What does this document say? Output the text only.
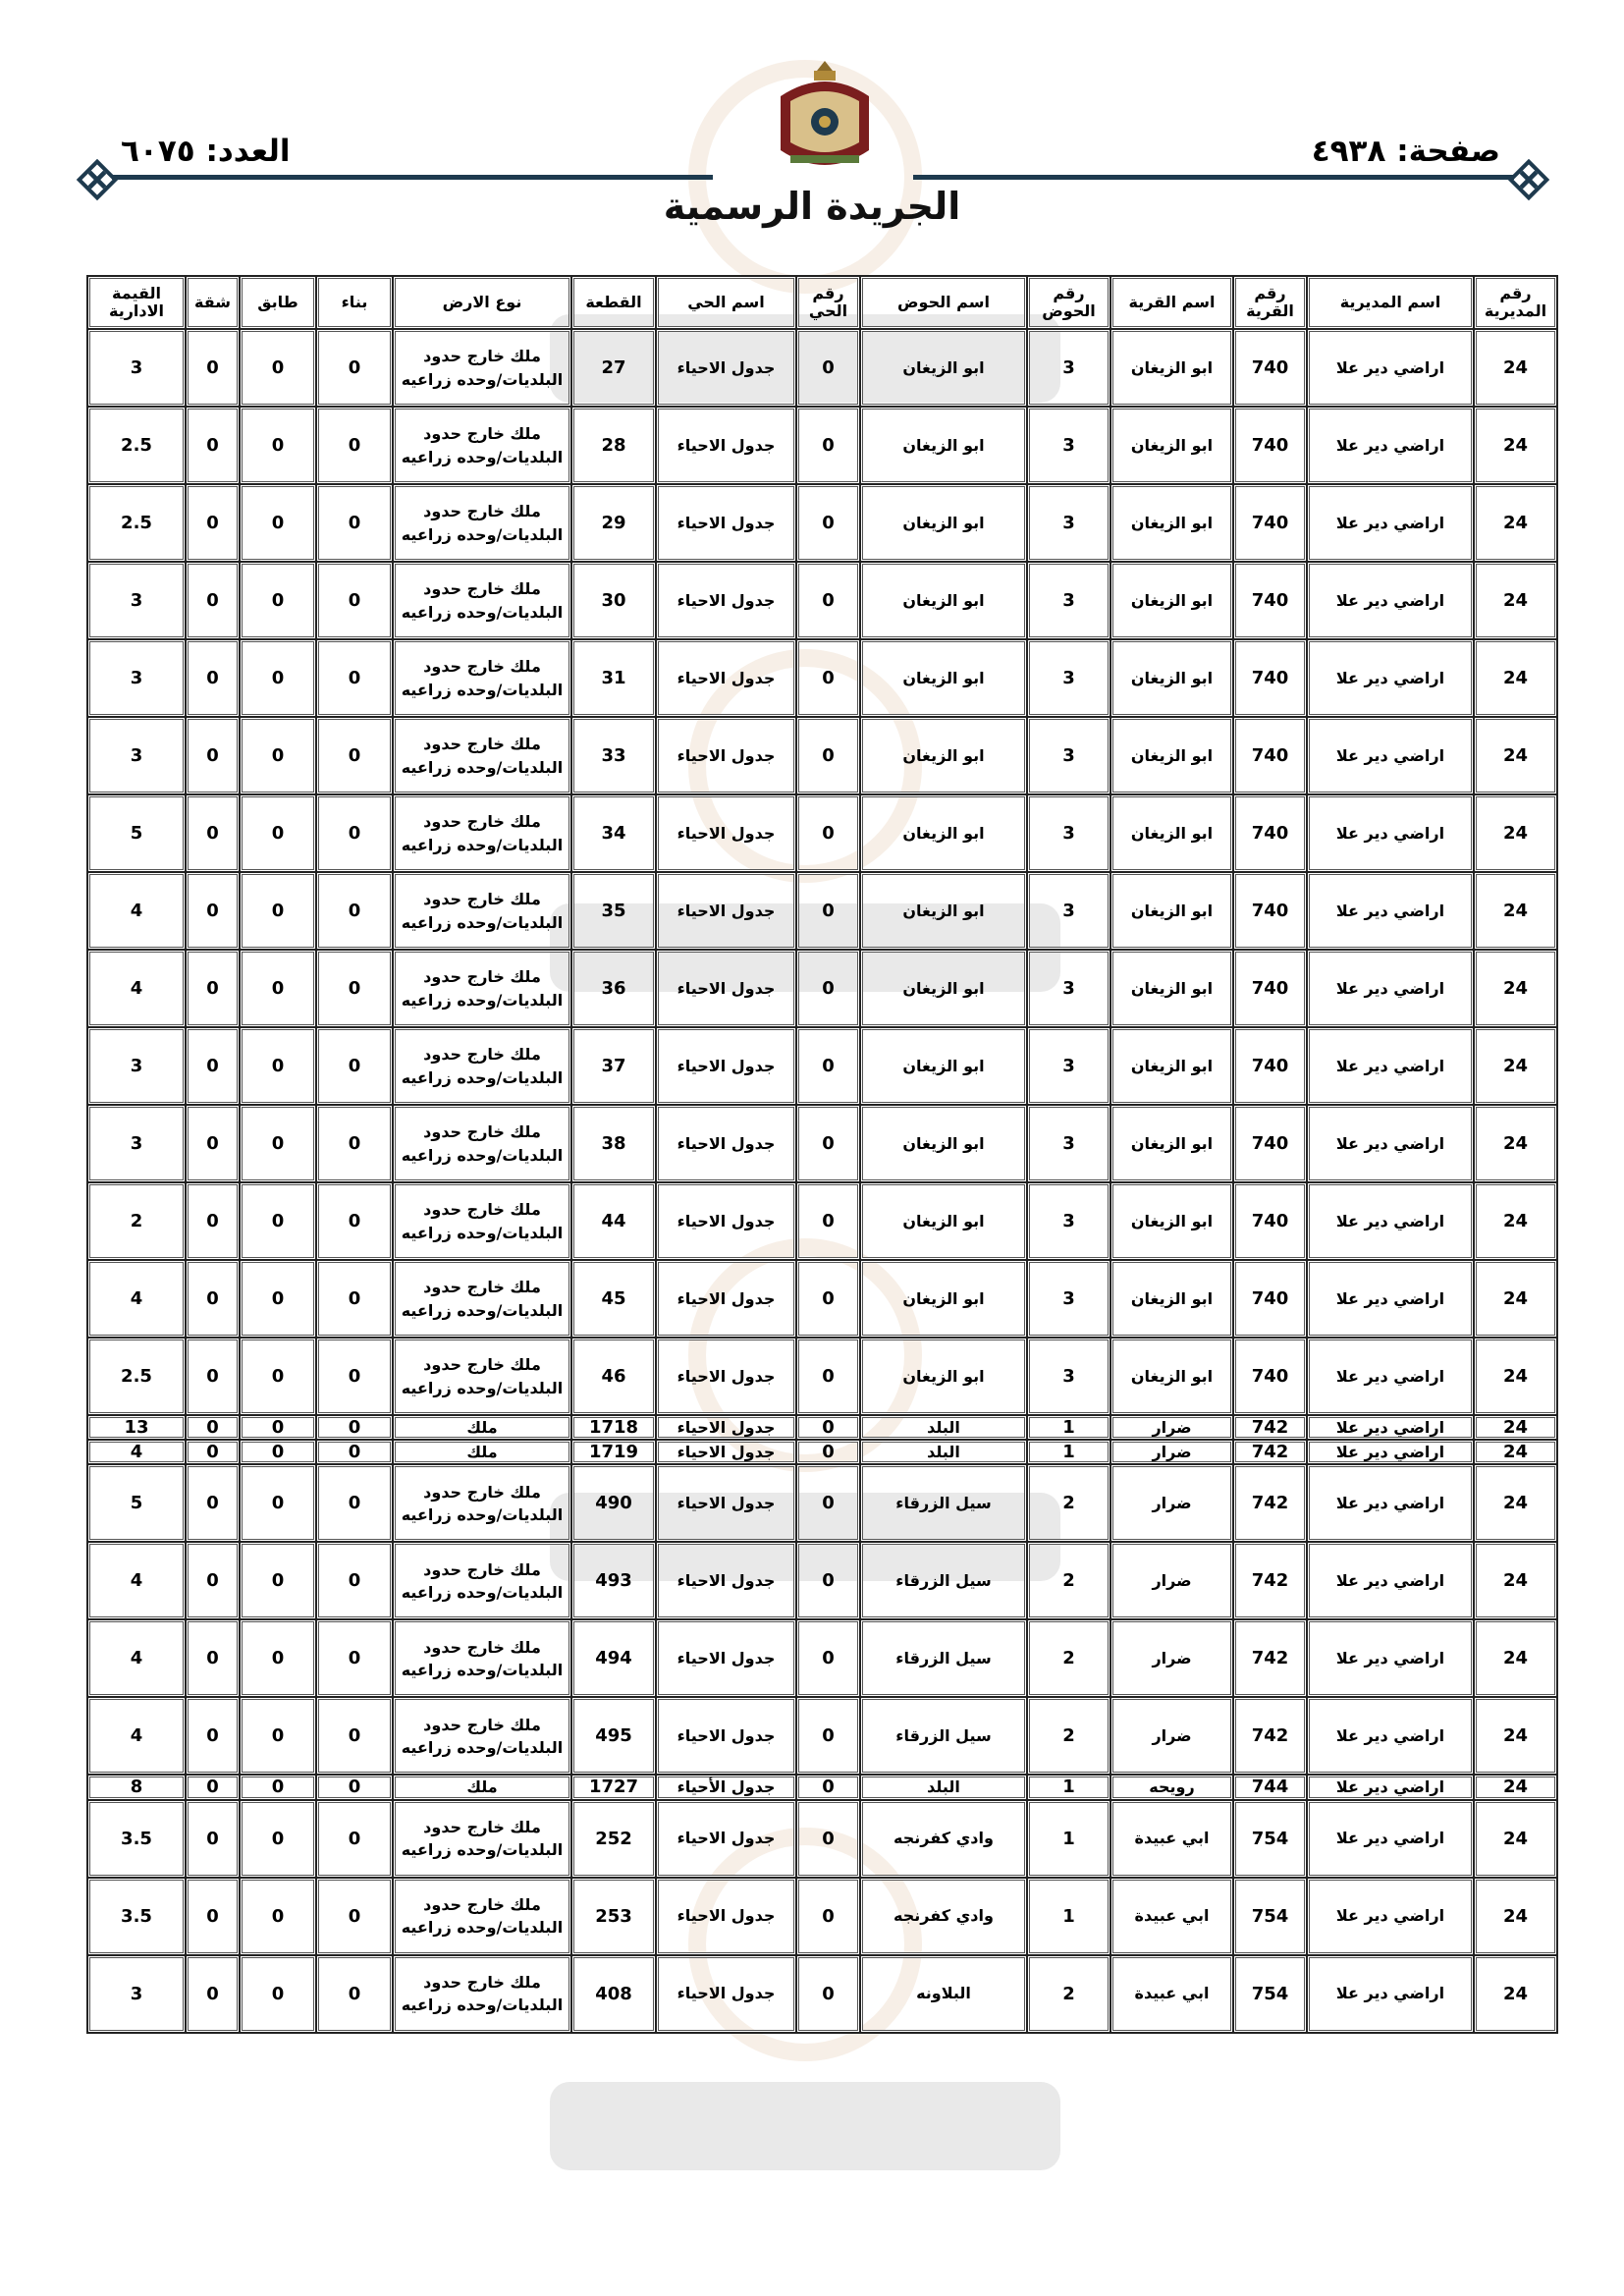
صفحة: ٤٩٣٨
العدد: ٦٠٧٥
الجريدة الرسمية
رقم المديرية	اسم المديرية	رقم القرية	اسم القرية	رقم الحوض	اسم الحوض	رقم الحي	اسم الحي	القطعة	نوع الارض	بناء	طابق	شقة	القيمة الادارية
24	اراضي دير علا	740	ابو الزيغان	3	ابو الزيغان	0	جدول الاحياء	27	ملك خارج حدود البلديات/وحده زراعيه	0	0	0	3
24	اراضي دير علا	740	ابو الزيغان	3	ابو الزيغان	0	جدول الاحياء	28	ملك خارج حدود البلديات/وحده زراعيه	0	0	0	2.5
24	اراضي دير علا	740	ابو الزيغان	3	ابو الزيغان	0	جدول الاحياء	29	ملك خارج حدود البلديات/وحده زراعيه	0	0	0	2.5
24	اراضي دير علا	740	ابو الزيغان	3	ابو الزيغان	0	جدول الاحياء	30	ملك خارج حدود البلديات/وحده زراعيه	0	0	0	3
24	اراضي دير علا	740	ابو الزيغان	3	ابو الزيغان	0	جدول الاحياء	31	ملك خارج حدود البلديات/وحده زراعيه	0	0	0	3
24	اراضي دير علا	740	ابو الزيغان	3	ابو الزيغان	0	جدول الاحياء	33	ملك خارج حدود البلديات/وحده زراعيه	0	0	0	3
24	اراضي دير علا	740	ابو الزيغان	3	ابو الزيغان	0	جدول الاحياء	34	ملك خارج حدود البلديات/وحده زراعيه	0	0	0	5
24	اراضي دير علا	740	ابو الزيغان	3	ابو الزيغان	0	جدول الاحياء	35	ملك خارج حدود البلديات/وحده زراعيه	0	0	0	4
24	اراضي دير علا	740	ابو الزيغان	3	ابو الزيغان	0	جدول الاحياء	36	ملك خارج حدود البلديات/وحده زراعيه	0	0	0	4
24	اراضي دير علا	740	ابو الزيغان	3	ابو الزيغان	0	جدول الاحياء	37	ملك خارج حدود البلديات/وحده زراعيه	0	0	0	3
24	اراضي دير علا	740	ابو الزيغان	3	ابو الزيغان	0	جدول الاحياء	38	ملك خارج حدود البلديات/وحده زراعيه	0	0	0	3
24	اراضي دير علا	740	ابو الزيغان	3	ابو الزيغان	0	جدول الاحياء	44	ملك خارج حدود البلديات/وحده زراعيه	0	0	0	2
24	اراضي دير علا	740	ابو الزيغان	3	ابو الزيغان	0	جدول الاحياء	45	ملك خارج حدود البلديات/وحده زراعيه	0	0	0	4
24	اراضي دير علا	740	ابو الزيغان	3	ابو الزيغان	0	جدول الاحياء	46	ملك خارج حدود البلديات/وحده زراعيه	0	0	0	2.5
24	اراضي دير علا	742	ضرار	1	البلد	0	جدول الاحياء	1718	ملك	0	0	0	13
24	اراضي دير علا	742	ضرار	1	البلد	0	جدول الاحياء	1719	ملك	0	0	0	4
24	اراضي دير علا	742	ضرار	2	سيل الزرقاء	0	جدول الاحياء	490	ملك خارج حدود البلديات/وحده زراعيه	0	0	0	5
24	اراضي دير علا	742	ضرار	2	سيل الزرقاء	0	جدول الاحياء	493	ملك خارج حدود البلديات/وحده زراعيه	0	0	0	4
24	اراضي دير علا	742	ضرار	2	سيل الزرقاء	0	جدول الاحياء	494	ملك خارج حدود البلديات/وحده زراعيه	0	0	0	4
24	اراضي دير علا	742	ضرار	2	سيل الزرقاء	0	جدول الاحياء	495	ملك خارج حدود البلديات/وحده زراعيه	0	0	0	4
24	اراضي دير علا	744	رويحه	1	البلد	0	جدول الأحياء	1727	ملك	0	0	0	8
24	اراضي دير علا	754	ابي عبيدة	1	وادي كفرنجه	0	جدول الاحياء	252	ملك خارج حدود البلديات/وحده زراعيه	0	0	0	3.5
24	اراضي دير علا	754	ابي عبيدة	1	وادي كفرنجه	0	جدول الاحياء	253	ملك خارج حدود البلديات/وحده زراعيه	0	0	0	3.5
24	اراضي دير علا	754	ابي عبيدة	2	البلاونه	0	جدول الاحياء	408	ملك خارج حدود البلديات/وحده زراعيه	0	0	0	3
